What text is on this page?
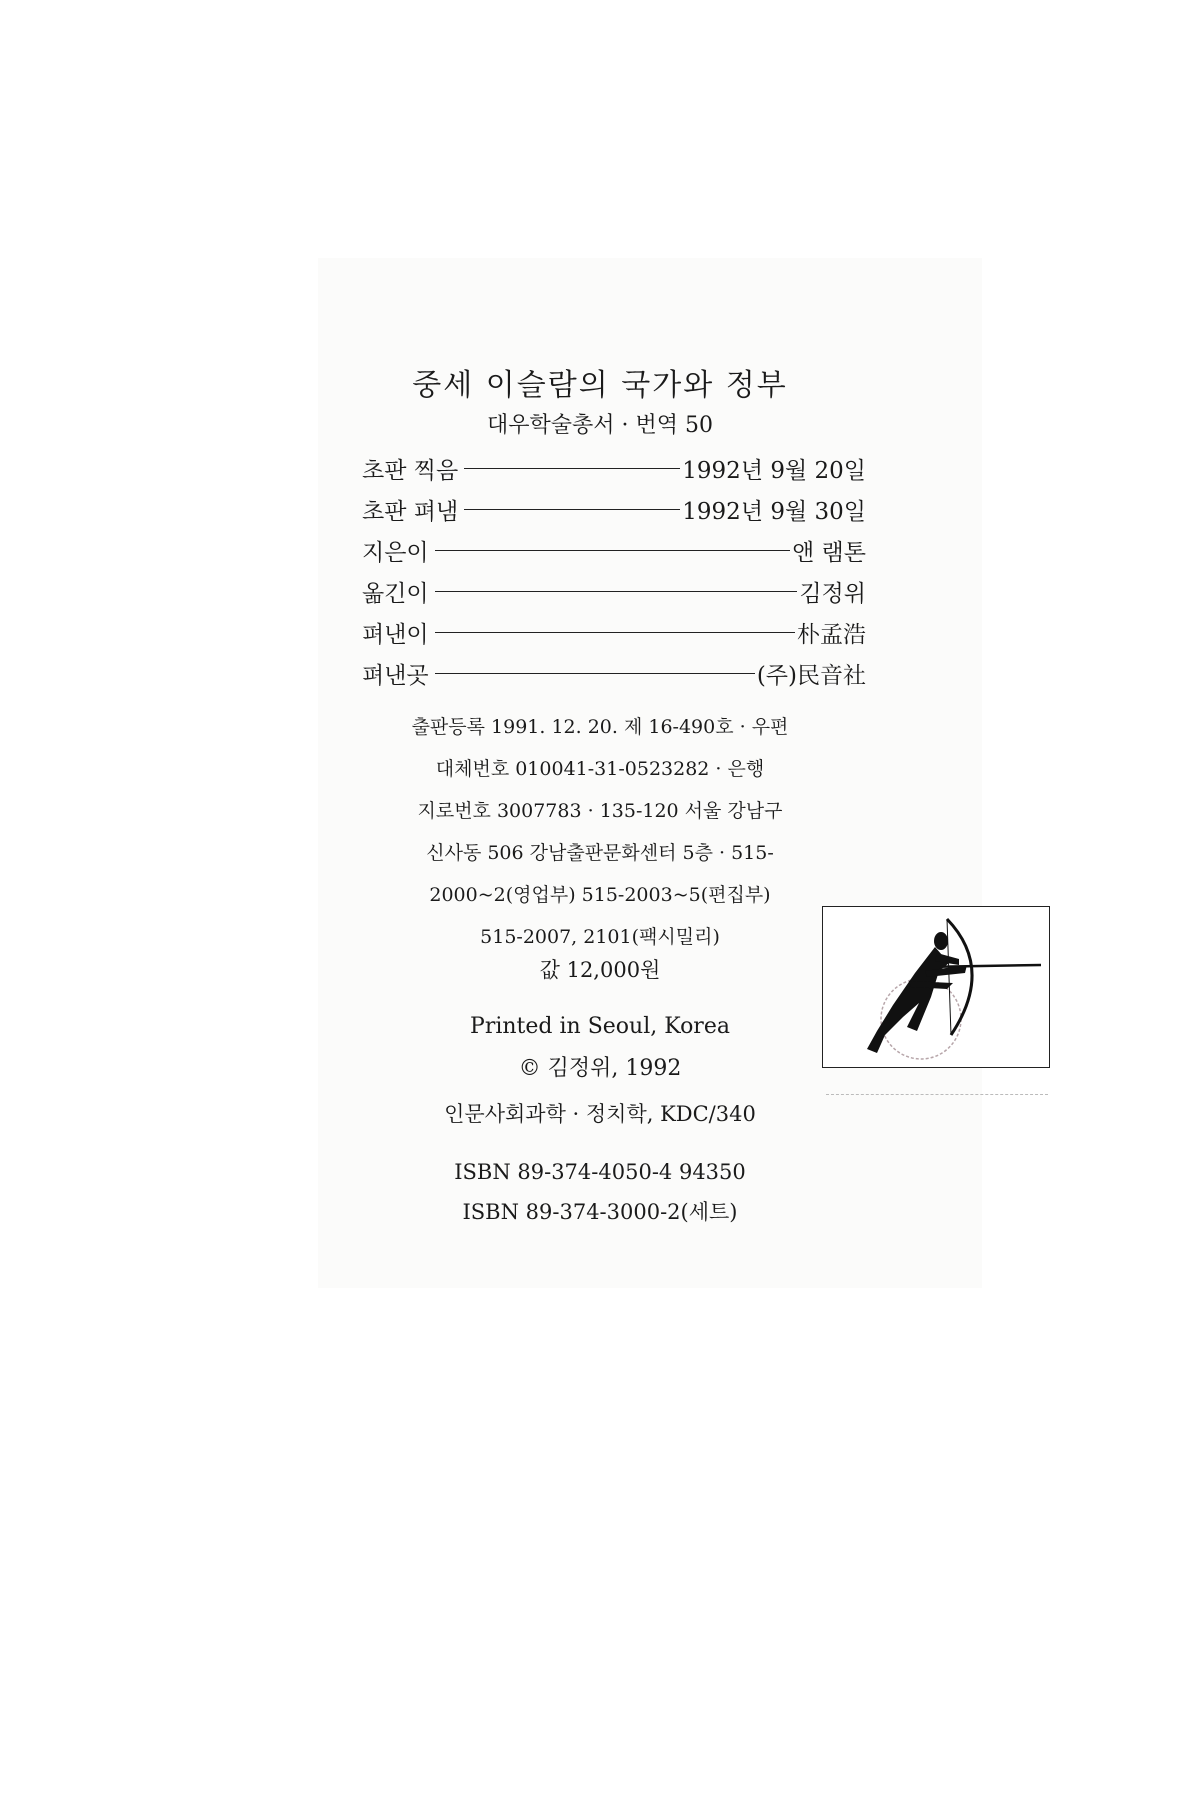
중세 이슬람의 국가와 정부
대우학술총서 · 번역 50
초판 찍음	1992년 9월 20일
초판 펴냄	1992년 9월 30일
지은이	앤 램톤
옮긴이	김정위
펴낸이	朴孟浩
펴낸곳	(주)民音社
출판등록 1991. 12. 20. 제 16-490호 · 우편
대체번호 010041-31-0523282 · 은행
지로번호 3007783 · 135-120 서울 강남구
신사동 506 강남출판문화센터 5층 · 515-
2000~2(영업부) 515-2003~5(편집부)
515-2007, 2101(팩시밀리)
값 12,000원
Printed in Seoul, Korea
© 김정위, 1992
인문사회과학 · 정치학, KDC/340
ISBN 89-374-4050-4 94350
ISBN 89-374-3000-2(세트)
